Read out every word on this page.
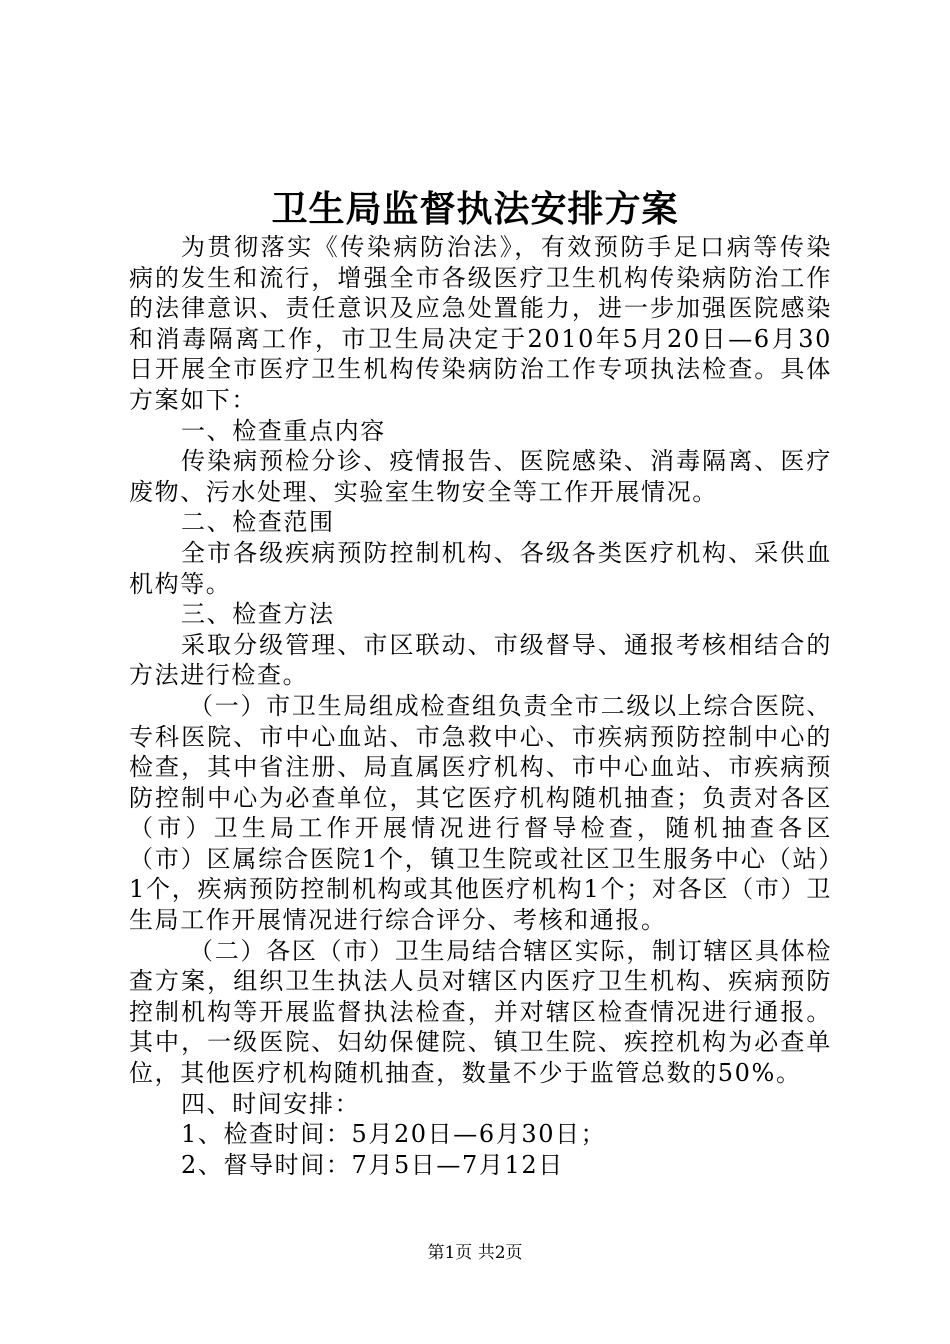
卫生局监督执法安排方案

为贯彻落实《传染病防治法》，有效预防手足口病等传染病的发生和流行，增强全市各级医疗卫生机构传染病防治工作的法律意识、责任意识及应急处置能力，进一步加强医院感染和消毒隔离工作，市卫生局决定于2010年5月20日—6月30日开展全市医疗卫生机构传染病防治工作专项执法检查。具体方案如下：

一、检查重点内容

传染病预检分诊、疫情报告、医院感染、消毒隔离、医疗废物、污水处理、实验室生物安全等工作开展情况。

二、检查范围

全市各级疾病预防控制机构、各级各类医疗机构、采供血机构等。

三、检查方法

采取分级管理、市区联动、市级督导、通报考核相结合的方法进行检查。

（一）市卫生局组成检查组负责全市二级以上综合医院、专科医院、市中心血站、市急救中心、市疾病预防控制中心的检查，其中省注册、局直属医疗机构、市中心血站、市疾病预防控制中心为必查单位，其它医疗机构随机抽查；负责对各区（市）卫生局工作开展情况进行督导检查，随机抽查各区（市）区属综合医院1个，镇卫生院或社区卫生服务中心（站）1个，疾病预防控制机构或其他医疗机构1个；对各区（市）卫生局工作开展情况进行综合评分、考核和通报。

（二）各区（市）卫生局结合辖区实际，制订辖区具体检查方案，组织卫生执法人员对辖区内医疗卫生机构、疾病预防控制机构等开展监督执法检查，并对辖区检查情况进行通报。其中，一级医院、妇幼保健院、镇卫生院、疾控机构为必查单位，其他医疗机构随机抽查，数量不少于监管总数的50%。

四、时间安排：

1、检查时间：5月20日—6月30日；

2、督导时间：7月5日—7月12日

第1页 共2页
